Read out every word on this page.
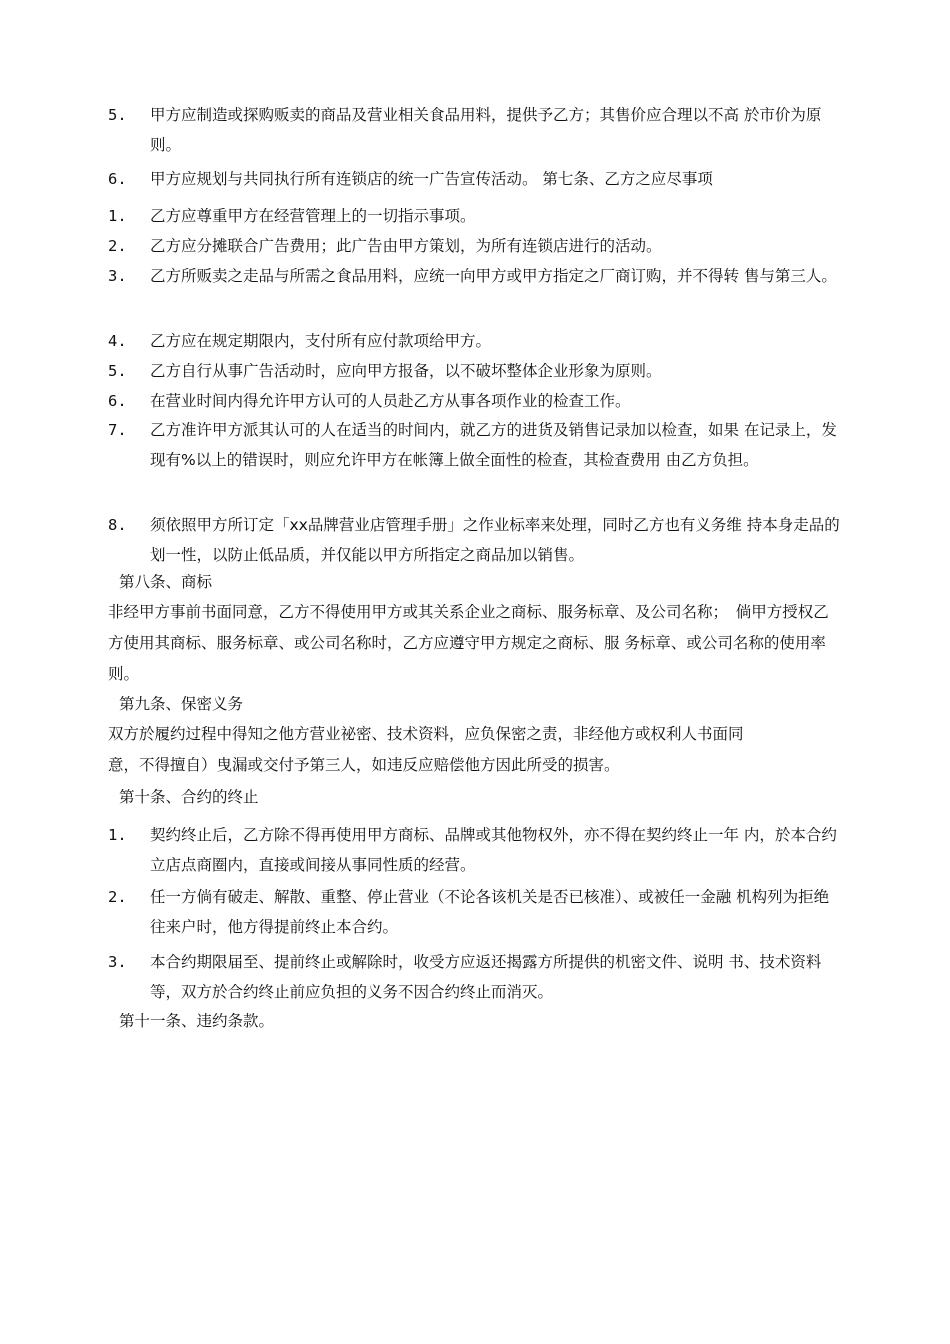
5.	甲方应制造或探购贩卖的商品及营业相关食品用料，提供予乙方；其售价应合理以不高 於市价为原则。
6.	甲方应规划与共同执行所有连锁店的统一广告宣传活动。 第七条、乙方之应尽事项
1.	乙方应尊重甲方在经营管理上的一切指示事项。
2.	乙方应分摊联合广告费用；此广告由甲方策划，为所有连锁店进行的活动。
3.	乙方所贩卖之走品与所需之食品用料，应统一向甲方或甲方指定之厂商订购，并不得转 售与第三人。
4.	乙方应在规定期限内，支付所有应付款项给甲方。
5.	乙方自行从事广告活动时，应向甲方报备，以不破坏整体企业形象为原则。
6.	在营业时间内得允许甲方认可的人员赴乙方从事各项作业的检查工作。
7.	乙方准许甲方派其认可的人在适当的时间内，就乙方的进货及销售记录加以检查，如果 在记录上，发现有%以上的错误时，则应允许甲方在帐簿上做全面性的检查，其检查费用 由乙方负担。
8.	须依照甲方所订定「xx品牌营业店管理手册」之作业标率来处理，同时乙方也有义务维 持本身走品的划一性，以防止低品质，并仅能以甲方所指定之商品加以销售。
第八条、商标
非经甲方事前书面同意，乙方不得使用甲方或其关系企业之商标、服务标章、及公司名称；　倘甲方授权乙方使用其商标、服务标章、或公司名称时，乙方应遵守甲方规定之商标、服 务标章、或公司名称的使用率则。
第九条、保密义务
双方於履约过程中得知之他方营业祕密、技术资料，应负保密之责，非经他方或权利人书面同
意，不得擅自）曳漏或交付予第三人，如违反应赔偿他方因此所受的损害。
第十条、合约的终止
1.	契约终止后，乙方除不得再使用甲方商标、品牌或其他物权外，亦不得在契约终止一年 内，於本合约立店点商圈内，直接或间接从事同性质的经营。
2.	任一方倘有破走、解散、重整、停止营业（不论各该机关是否已核准）、或被任一金融 机构列为拒绝往来户时，他方得提前终止本合约。
3.	本合约期限届至、提前终止或解除时，收受方应返还揭露方所提供的机密文件、说明 书、技术资料等，双方於合约终止前应负担的义务不因合约终止而消灭。
第十一条、违约条款。
